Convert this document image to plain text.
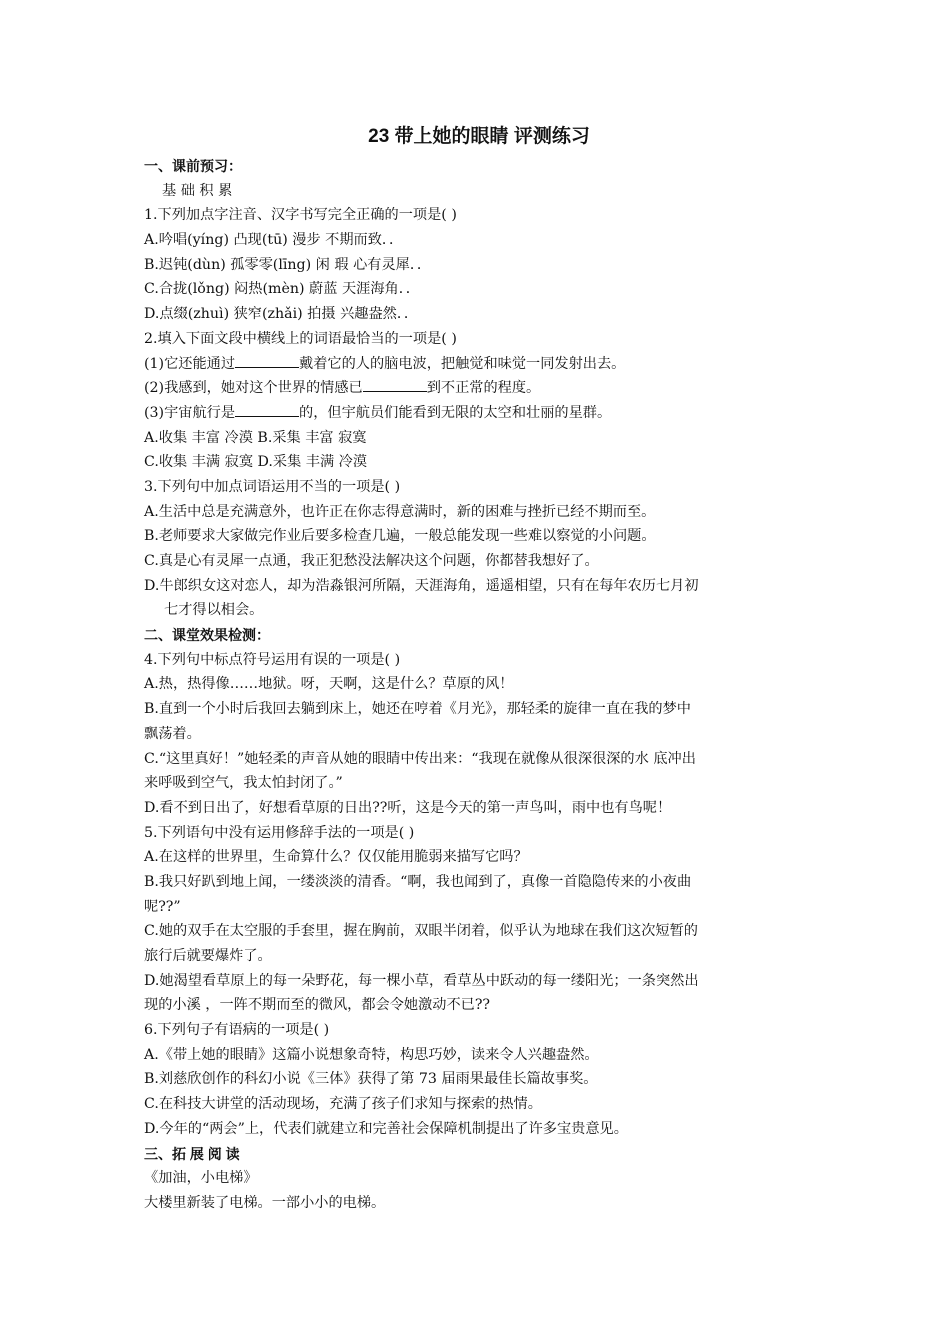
23 带上她的眼睛 评测练习
一、课前预习：
基 础 积 累
1.下列加点字注音、汉字书写完全正确的一项是( )
A.吟唱(yíng) 凸现(tū) 漫步 不期而致．．
B.迟钝(dùn) 孤零零(līng) 闲 瑕 心有灵犀．．
C.合拢(lǒng) 闷热(mèn) 蔚蓝 天涯海角．．
D.点缀(zhuì) 狭窄(zhǎi) 拍摄 兴趣盎然．．
2.填入下面文段中横线上的词语最恰当的一项是( )
(1)它还能通过	戴着它的人的脑电波，把触觉和味觉一同发射出去。
(2)我感到，她对这个世界的情感已	到不正常的程度。
(3)宇宙航行是	的，但宇航员们能看到无限的太空和壮丽的星群。
A.收集 丰富 冷漠 B.采集 丰富 寂寞
C.收集 丰满 寂寞 D.采集 丰满 冷漠
3.下列句中加点词语运用不当的一项是( )
A.生活中总是充满意外，也许正在你志得意满时，新的困难与挫折已经不期而至。
B.老师要求大家做完作业后要多检查几遍，一般总能发现一些难以察觉的小问题。
C.真是心有灵犀一点通，我正犯愁没法解决这个问题，你都替我想好了。
D.牛郎织女这对恋人，却为浩淼银河所隔，天涯海角，遥遥相望，只有在每年农历七月初
七才得以相会。
二、课堂效果检测：
4.下列句中标点符号运用有误的一项是( )
A.热，热得像……地狱。呀，天啊，这是什么？草原的风！
B.直到一个小时后我回去躺到床上，她还在哼着《月光》，那轻柔的旋律一直在我的梦中
飘荡着。
C.“这里真好！”她轻柔的声音从她的眼睛中传出来：“我现在就像从很深很深的水 底冲出
来呼吸到空气，我太怕封闭了。”
D.看不到日出了，好想看草原的日出??听，这是今天的第一声鸟叫，雨中也有鸟呢！
5.下列语句中没有运用修辞手法的一项是( )
A.在这样的世界里，生命算什么？仅仅能用脆弱来描写它吗？
B.我只好趴到地上闻，一缕淡淡的清香。“啊，我也闻到了，真像一首隐隐传来的小夜曲
呢??”
C.她的双手在太空服的手套里，握在胸前，双眼半闭着，似乎认为地球在我们这次短暂的
旅行后就要爆炸了。
D.她渴望看草原上的每一朵野花，每一棵小草，看草丛中跃动的每一缕阳光；一条突然出
现的小溪 ，一阵不期而至的微风，都会令她激动不已??
6.下列句子有语病的一项是( )
A.《带上她的眼睛》这篇小说想象奇特，构思巧妙，读来令人兴趣盎然。
B.刘慈欣创作的科幻小说《三体》获得了第 73 届雨果最佳长篇故事奖。
C.在科技大讲堂的活动现场，充满了孩子们求知与探索的热情。
D.今年的“两会”上，代表们就建立和完善社会保障机制提出了许多宝贵意见。
三、拓 展 阅 读
《加油，小电梯》
大楼里新装了电梯。一部小小的电梯。
